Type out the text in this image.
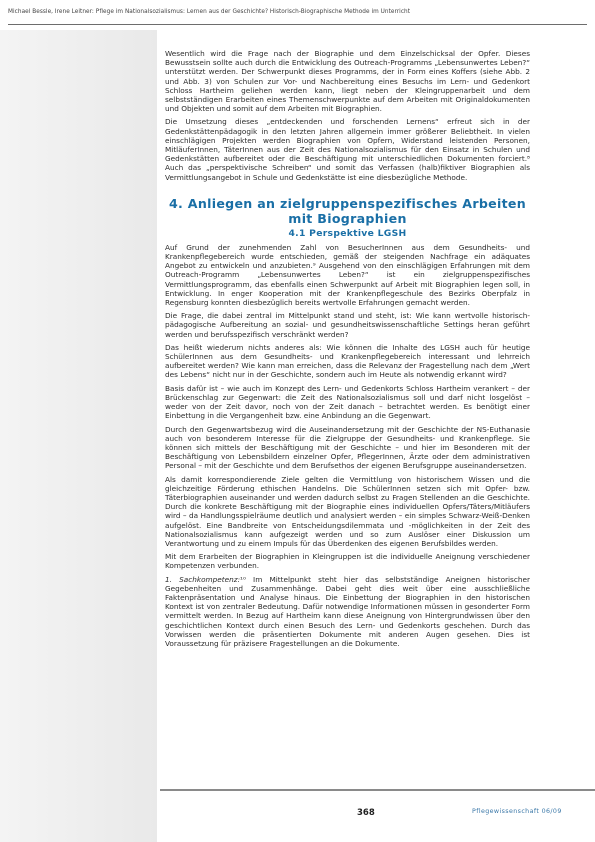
Michael Bessle, Irene Leitner: Pflege im Nationalsozialismus: Lernen aus der Geschichte? Historisch-Biographische Methode im Unterricht

Wesentlich wird die Frage nach der Biographie und dem Einzelschicksal der Opfer. Dieses Bewusstsein sollte auch durch die Entwicklung des Outreach-Programms „Lebensunwertes Leben?“ unterstützt werden. Der Schwerpunkt dieses Programms, der in Form eines Koffers (siehe Abb. 2 und Abb. 3) von Schulen zur Vor- und Nachbereitung eines Besuchs im Lern- und Gedenkort Schloss Hartheim geliehen werden kann, liegt neben der Kleingruppenarbeit und dem selbstständigen Erarbeiten eines Themenschwerpunkte auf dem Arbeiten mit Originaldokumenten und Objekten und somit auf dem Arbeiten mit Biographien.

Die Umsetzung dieses „entdeckenden und forschenden Lernens“ erfreut sich in der Gedenkstättenpädagogik in den letzten Jahren allgemein immer größerer Beliebtheit. In vielen einschlägigen Projekten werden Biographien von Opfern, Widerstand leistenden Personen, MitläuferInnen, TäterInnen aus der Zeit des Nationalsozialismus für den Einsatz in Schulen und Gedenkstätten aufbereitet oder die Beschäftigung mit unterschiedlichen Dokumenten forciert.⁸ Auch das „perspektivische Schreiben“ und somit das Verfassen (halb)fiktiver Biographien als Vermittlungsangebot in Schule und Gedenkstätte ist eine diesbezügliche Methode.

4. Anliegen an zielgruppenspezifisches Arbeiten mit Biographien
4.1 Perspektive LGSH

Auf Grund der zunehmenden Zahl von BesucherInnen aus dem Gesundheits- und Krankenpflegebereich wurde entschieden, gemäß der steigenden Nachfrage ein adäquates Angebot zu entwickeln und anzubieten.⁹ Ausgehend von den einschlägigen Erfahrungen mit dem Outreach-Programm „Lebensunwertes Leben?“ ist ein zielgruppenspezifisches Vermittlungsprogramm, das ebenfalls einen Schwerpunkt auf Arbeit mit Biographien legen soll, in Entwicklung. In enger Kooperation mit der Krankenpflegeschule des Bezirks Oberpfalz in Regensburg konnten diesbezüglich bereits wertvolle Erfahrungen gemacht werden.

Die Frage, die dabei zentral im Mittelpunkt stand und steht, ist: Wie kann wertvolle historisch-pädagogische Aufbereitung an sozial- und gesundheitswissenschaftliche Settings heran geführt werden und berufsspezifisch verschränkt werden?

Das heißt wiederum nichts anderes als: Wie können die Inhalte des LGSH auch für heutige SchülerInnen aus dem Gesundheits- und Krankenpflegebereich interessant und lehrreich aufbereitet werden? Wie kann man erreichen, dass die Relevanz der Fragestellung nach dem „Wert des Lebens“ nicht nur in der Geschichte, sondern auch im Heute als notwendig erkannt wird?

Basis dafür ist – wie auch im Konzept des Lern- und Gedenkorts Schloss Hartheim verankert – der Brückenschlag zur Gegenwart: die Zeit des Nationalsozialismus soll und darf nicht losgelöst – weder von der Zeit davor, noch von der Zeit danach – betrachtet werden. Es benötigt einer Einbettung in die Vergangenheit bzw. eine Anbindung an die Gegenwart.

Durch den Gegenwartsbezug wird die Auseinandersetzung mit der Geschichte der NS-Euthanasie auch von besonderem Interesse für die Zielgruppe der Gesundheits- und Krankenpflege. Sie können sich mittels der Beschäftigung mit der Geschichte – und hier im Besonderen mit der Beschäftigung von Lebensbildern einzelner Opfer, PflegerInnen, Ärzte oder dem administrativen Personal – mit der Geschichte und dem Berufsethos der eigenen Berufsgruppe auseinandersetzen.

Als damit korrespondierende Ziele gelten die Vermittlung von historischem Wissen und die gleichzeitige Förderung ethischen Handelns. Die SchülerInnen setzen sich mit Opfer- bzw. Täterbiographien auseinander und werden dadurch selbst zu Fragen Stellenden an die Geschichte. Durch die konkrete Beschäftigung mit der Biographie eines individuellen Opfers/Täters/Mitläufers wird – da Handlungsspielräume deutlich und analysiert werden – ein simples Schwarz-Weiß-Denken aufgelöst. Eine Bandbreite von Entscheidungsdilemmata und -möglichkeiten in der Zeit des Nationalsozialismus kann aufgezeigt werden und so zum Auslöser einer Diskussion um Verantwortung und zu einem Impuls für das Überdenken des eigenen Berufsbildes werden.

Mit dem Erarbeiten der Biographien in Kleingruppen ist die individuelle Aneignung verschiedener Kompetenzen verbunden.

1. Sachkompetenz:¹⁰ Im Mittelpunkt steht hier das selbstständige Aneignen historischer Gegebenheiten und Zusammenhänge. Dabei geht dies weit über eine ausschließliche Faktenpräsentation und Analyse hinaus. Die Einbettung der Biographien in den historischen Kontext ist von zentraler Bedeutung. Dafür notwendige Informationen müssen in gesonderter Form vermittelt werden. In Bezug auf Hartheim kann diese Aneignung von Hintergrundwissen über den geschichtlichen Kontext durch einen Besuch des Lern- und Gedenkorts geschehen. Durch das Vorwissen werden die präsentierten Dokumente mit anderen Augen gesehen. Dies ist Voraussetzung für präzisere Fragestellungen an die Dokumente.

368	Pflegewissenschaft 06/09
